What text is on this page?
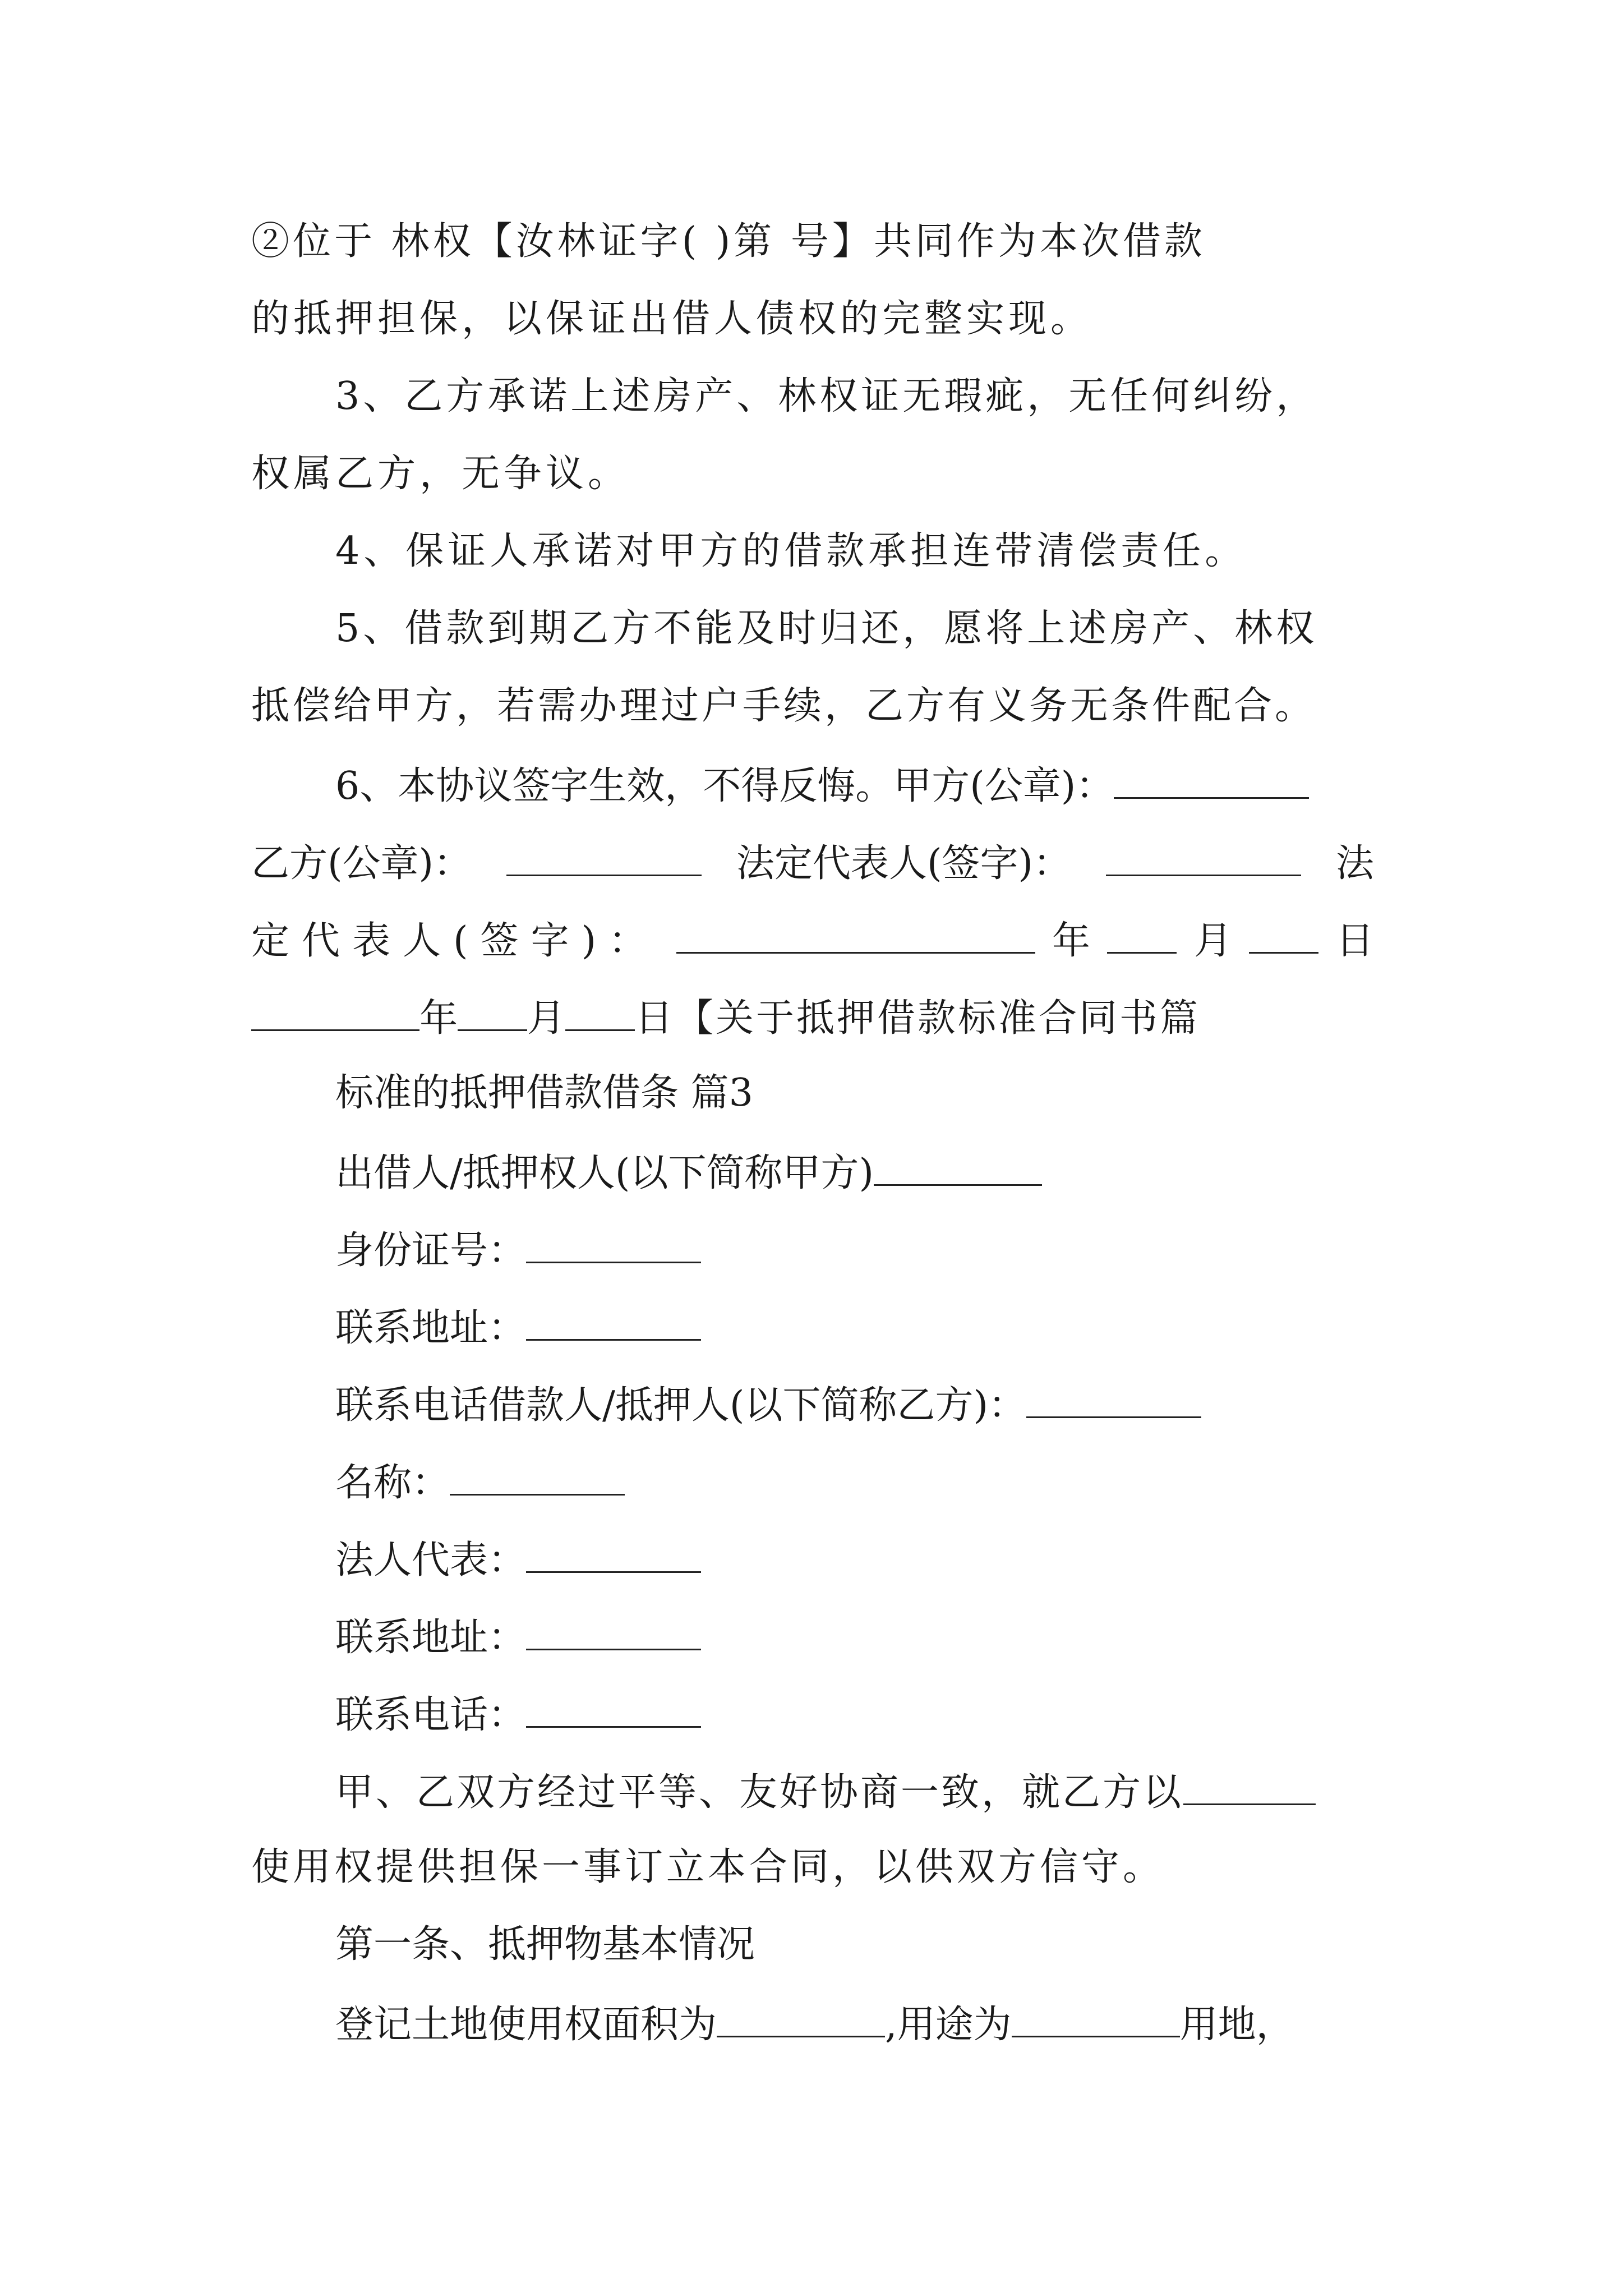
②位于 林权【汝林证字( )第 号】共同作为本次借款
的抵押担保，以保证出借人债权的完整实现。
3、乙方承诺上述房产、林权证无瑕疵，无任何纠纷，
权属乙方，无争议。
4、保证人承诺对甲方的借款承担连带清偿责任。
5、借款到期乙方不能及时归还，愿将上述房产、林权
抵偿给甲方，若需办理过户手续，乙方有义务无条件配合。
6、本协议签字生效，不得反悔。甲方(公章)：
乙方(公章)：	法定代表人(签字)：	法
定代表人(签字)：	年	月	日
年 月 日【关于抵押借款标准合同书篇
标准的抵押借款借条 篇3
出借人/抵押权人(以下简称甲方)
身份证号：
联系地址：
联系电话借款人/抵押人(以下简称乙方)：
名称：
法人代表：
联系地址：
联系电话：
甲、乙双方经过平等、友好协商一致，就乙方以
使用权提供担保一事订立本合同，以供双方信守。
第一条、抵押物基本情况
登记土地使用权面积为	,用途为	用地，
